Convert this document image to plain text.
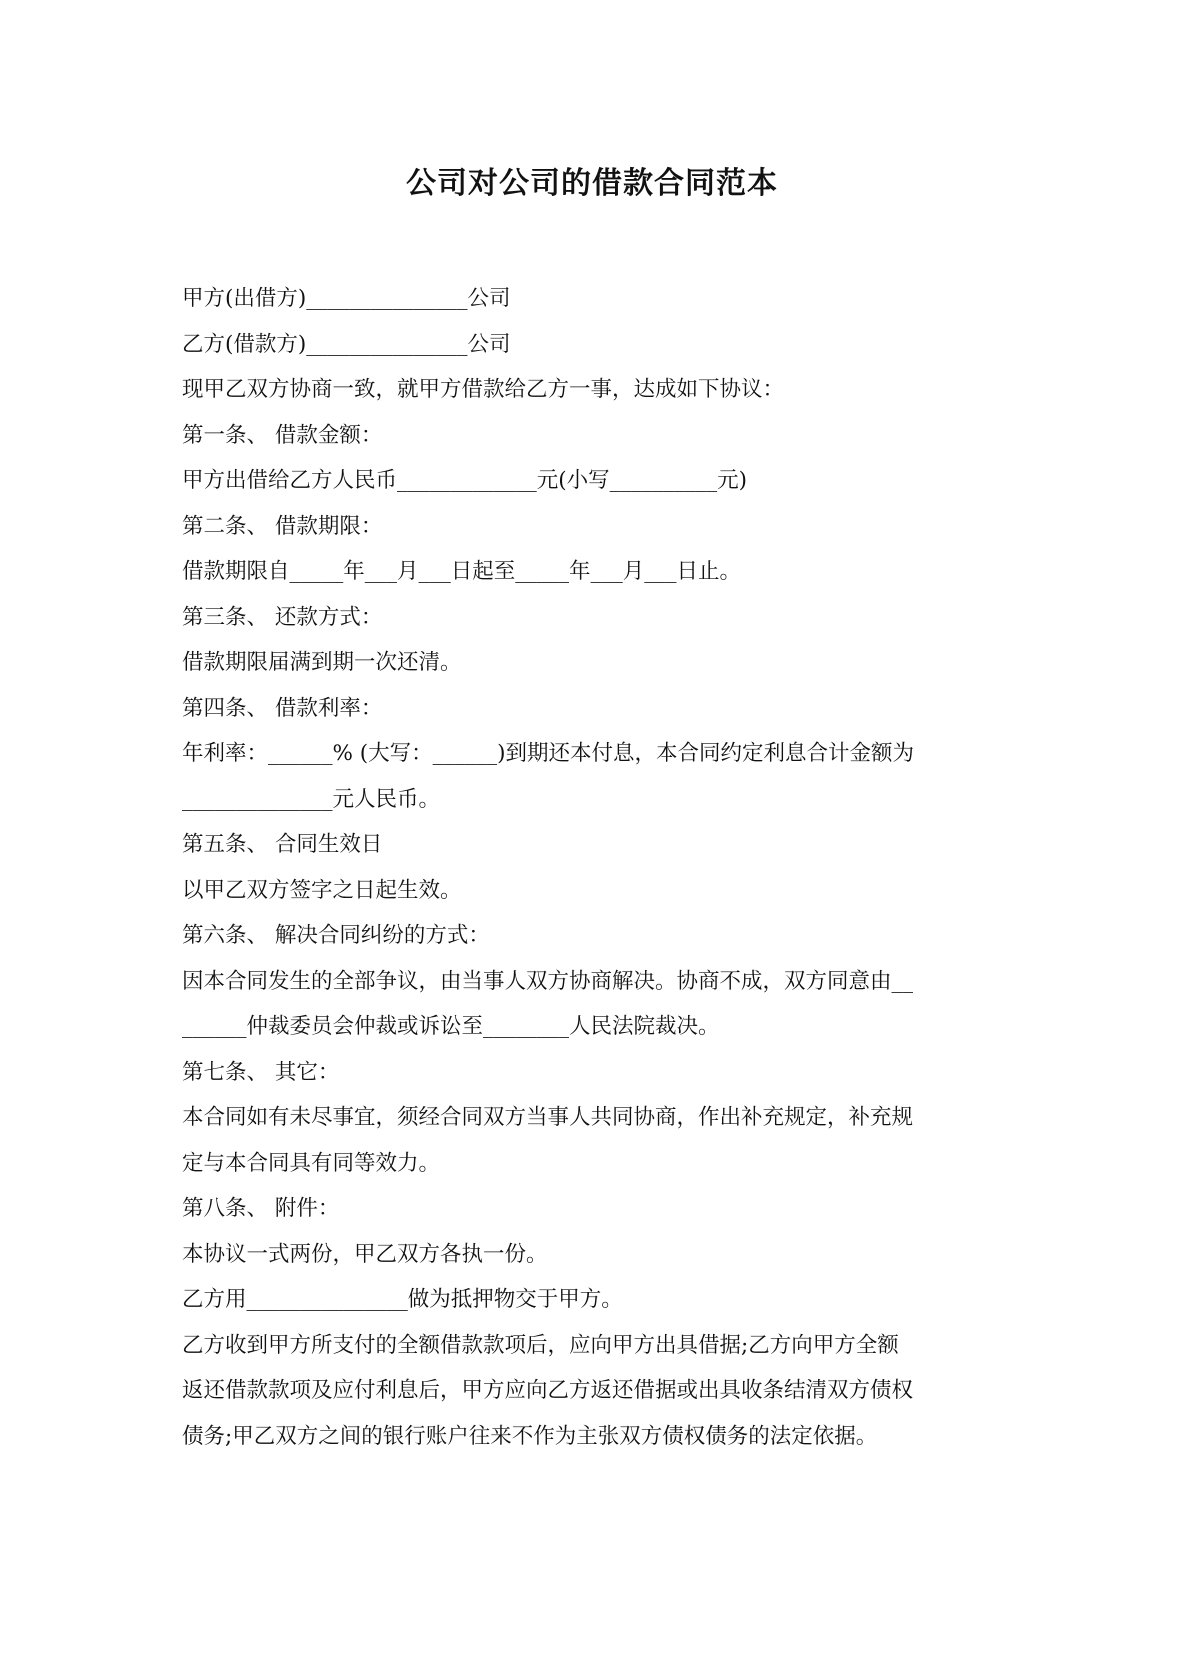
公司对公司的借款合同范本
甲方(出借方)_______________公司
乙方(借款方)_______________公司
现甲乙双方协商一致，就甲方借款给乙方一事，达成如下协议：
第一条、 借款金额：
甲方出借给乙方人民币_____________元(小写__________元)
第二条、 借款期限：
借款期限自_____年___月___日起至_____年___月___日止。
第三条、 还款方式：
借款期限届满到期一次还清。
第四条、 借款利率：
年利率：______% (大写：______)到期还本付息，本合同约定利息合计金额为
______________元人民币。
第五条、 合同生效日
以甲乙双方签字之日起生效。
第六条、 解决合同纠纷的方式：
因本合同发生的全部争议，由当事人双方协商解决。协商不成，双方同意由__
______仲裁委员会仲裁或诉讼至________人民法院裁决。
第七条、 其它：
本合同如有未尽事宜，须经合同双方当事人共同协商，作出补充规定，补充规
定与本合同具有同等效力。
第八条、 附件：
本协议一式两份，甲乙双方各执一份。
乙方用_______________做为抵押物交于甲方。
乙方收到甲方所支付的全额借款款项后，应向甲方出具借据;乙方向甲方全额
返还借款款项及应付利息后，甲方应向乙方返还借据或出具收条结清双方债权
债务;甲乙双方之间的银行账户往来不作为主张双方债权债务的法定依据。
